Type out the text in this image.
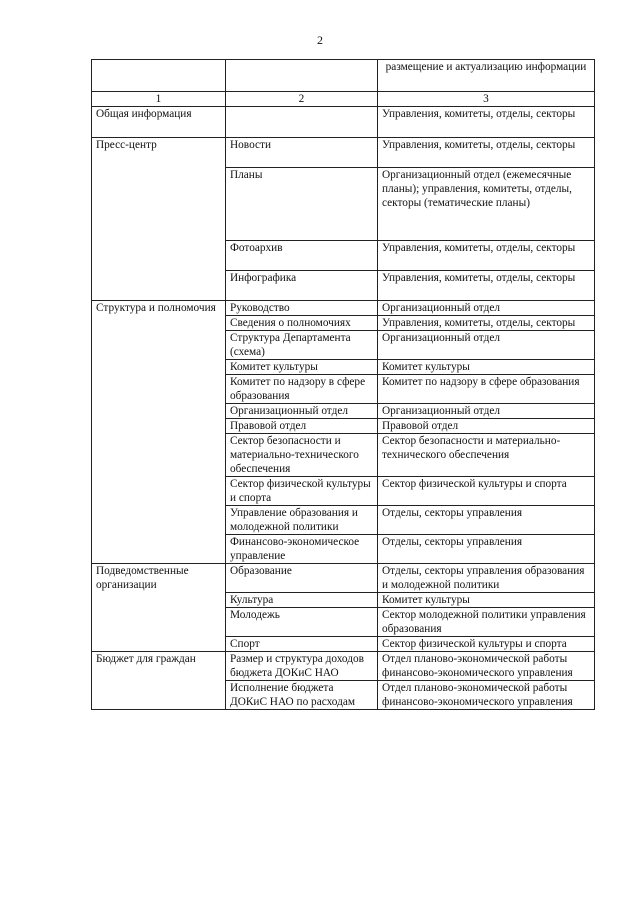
2
		размещение и актуализацию информации
1	2	3
Общая информация		Управления, комитеты, отделы, секторы
Пресс-центр	Новости	Управления, комитеты, отделы, секторы
	Планы	Организационный отдел (ежемесячные планы); управления, комитеты, отделы, секторы (тематические планы)
	Фотоархив	Управления, комитеты, отделы, секторы
	Инфографика	Управления, комитеты, отделы, секторы
Структура и полномочия	Руководство	Организационный отдел
	Сведения о полномочиях	Управления, комитеты, отделы, секторы
	Структура Департамента (схема)	Организационный отдел
	Комитет культуры	Комитет культуры
	Комитет по надзору в сфере образования	Комитет по надзору в сфере образования
	Организационный отдел	Организационный отдел
	Правовой отдел	Правовой отдел
	Сектор безопасности и материально-технического обеспечения	Сектор безопасности и материально-технического обеспечения
	Сектор физической культуры и спорта	Сектор физической культуры и спорта
	Управление образования и молодежной политики	Отделы, секторы управления
	Финансово-экономическое управление	Отделы, секторы управления
Подведомственные организации	Образование	Отделы, секторы управления образования и молодежной политики
	Культура	Комитет культуры
	Молодежь	Сектор молодежной политики управления образования
	Спорт	Сектор физической культуры и спорта
Бюджет для граждан	Размер и структура доходов бюджета ДОКиС НАО	Отдел планово-экономической работы финансово-экономического управления
	Исполнение бюджета ДОКиС НАО по расходам	Отдел планово-экономической работы финансово-экономического управления
